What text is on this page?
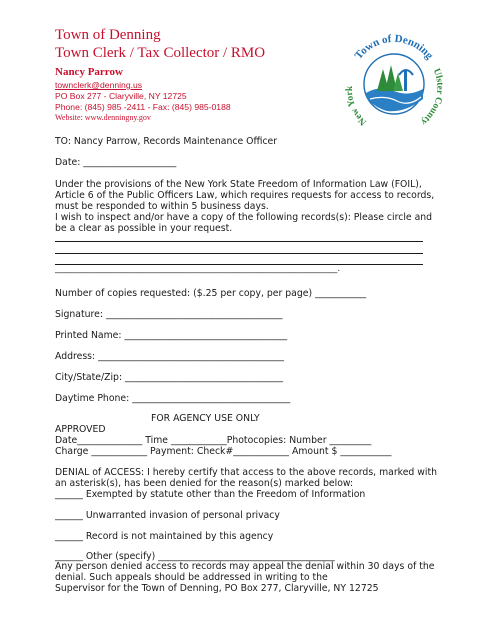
Town of Denning
Town Clerk / Tax Collector / RMO
Nancy Parrow
townclerk@denning.us
PO Box 277 - Claryville, NY 12725
Phone: (845) 985 -2411 - Fax: (845) 985-0188
Website: www.denningny.gov
Town of Denning
Ulster County
New York
TO: Nancy Parrow, Records Maintenance Officer
Date: ____________________
Under the provisions of the New York State Freedom of Information Law (FOIL),
Article 6 of the Public Officers Law, which requires requests for access to records,
must be responded to within 5 business days.
I wish to inspect and/or have a copy of the following records(s): Please circle and
be a clear as possible in your request.
_________________________________________________________________.
Number of copies requested: ($.25 per copy, per page) ___________
Signature: ______________________________________
Printed Name: ___________________________________
Address: ________________________________________
City/State/Zip: __________________________________
Daytime Phone: __________________________________
FOR AGENCY USE ONLY
APPROVED
Date______________ Time ____________Photocopies: Number _________
Charge ____________ Payment: Check#____________ Amount $ ___________
DENIAL of ACCESS: I hereby certify that access to the above records, marked with
an asterisk(s), has been denied for the reason(s) marked below:
______ Exempted by statute other than the Freedom of Information
______ Unwarranted invasion of personal privacy
______ Record is not maintained by this agency
______ Other (specify) ______________________________________
Any person denied access to records may appeal the denial within 30 days of the
denial. Such appeals should be addressed in writing to the
Supervisor for the Town of Denning, PO Box 277, Claryville, NY 12725
